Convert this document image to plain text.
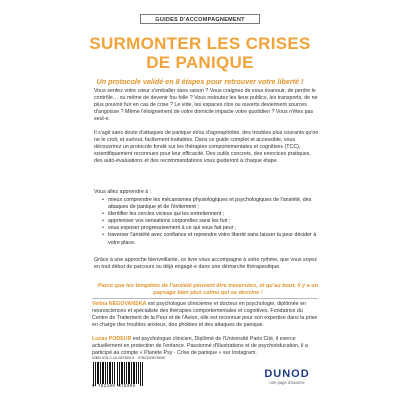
GUIDES D'ACCOMPAGNEMENT
SURMONTER LES CRISES
DE PANIQUE
Un protocole validé en 8 étapes pour retrouver votre liberté !
Vous sentez votre cœur s'emballer sans raison ? Vous craignez de vous évanouir, de perdre le contrôle… ou même de devenir fou·folle ? Vous redoutez les lieux publics, les transports, de ne plus pouvoir fuir en cas de crise ? Le vide, les espaces clos ou ouverts deviennent sources d'angoisse ? Même l'éloignement de votre domicile impacte votre quotidien ? Vous n'êtes pas seul·e.
Il s'agit sans doute d'attaques de panique et/ou d'agoraphobie, des troubles plus courants qu'on ne le croit, et surtout, facilement traitables. Dans ce guide complet et accessible, vous découvrirez un protocole fondé sur les thérapies comportementales et cognitives (TCC), scientifiquement reconnues pour leur efficacité. Des outils concrets, des exercices pratiques, des auto-évaluations et des recommandations vous guideront à chaque étape.
Vous allez apprendre à :
• mieux comprendre les mécanismes physiologiques et psychologiques de l'anxiété, des attaques de panique et de l'évitement ;
• identifier les cercles vicieux qui les entretiennent ;
• apprivoiser vos sensations corporelles sans les fuir ;
• vous exposer progressivement à ce qui vous fait peur ;
• traverser l'anxiété avec confiance et reprendre votre liberté sans laisser la peur décider à votre place.
Grâce à une approche bienveillante, ce livre vous accompagne à votre rythme, que vous soyez en tout début de parcours ou déjà engagé·e dans une démarche thérapeutique.
Parce que les tempêtes de l'anxiété peuvent être traversées, et qu'au bout, il y a un paysage bien plus calme qui se dessine !
Velina NEGOVANSKA est psychologue clinicienne et docteur en psychologie, diplômée en neurosciences et spécialiste des thérapies comportementales et cognitives. Fondatrice du Centre de Traitement de la Peur et de l'Avion, elle est reconnue pour son expertise dans la prise en charge des troubles anxieux, des phobies et des attaques de panique.
Lucas PODEUR est psychologue clinicien, Diplômé de l'Université Paris Cité, il exerce actuellement en protection de l'enfance. Passionné d'illustrations et de psychoéducation, il a participé au compte « Planète Psy · Crise de panique » sur Instagram.
ISBN 978-2-10-087809-5 · 9782100878095
9 782100 878095
DUNOD
une page d'avance
